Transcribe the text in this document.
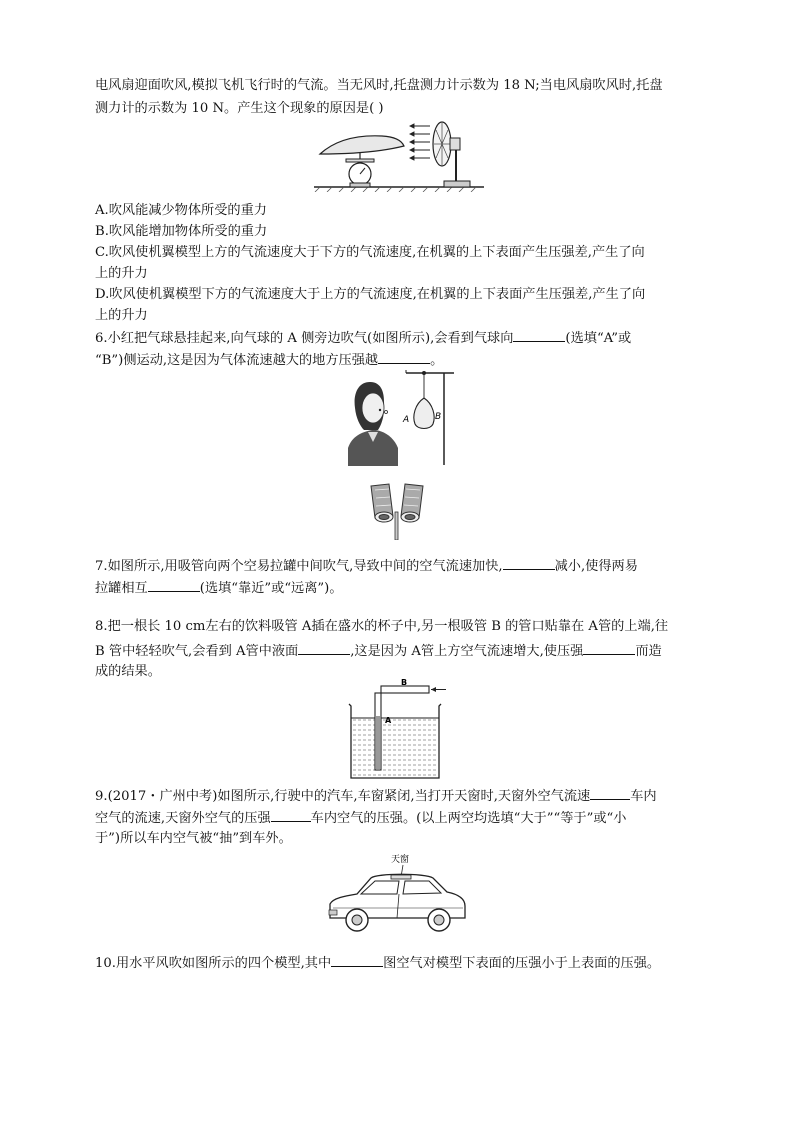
电风扇迎面吹风,模拟飞机飞行时的气流。当无风时,托盘测力计示数为 18 N;当电风扇吹风时,托盘
测力计的示数为 10 N。产生这个现象的原因是( )
A.吹风能减少物体所受的重力
B.吹风能增加物体所受的重力
C.吹风使机翼模型上方的气流速度大于下方的气流速度,在机翼的上下表面产生压强差,产生了向
上的升力
D.吹风使机翼模型下方的气流速度大于上方的气流速度,在机翼的上下表面产生压强差,产生了向
上的升力
6.小红把气球悬挂起来,向气球的 A 侧旁边吹气(如图所示),会看到气球向	(选填“A”或
“B”)侧运动,这是因为气体流速越大的地方压强越	。
A	B
7.如图所示,用吸管向两个空易拉罐中间吹气,导致中间的空气流速加快,	减小,使得两易
拉罐相互	(选填“靠近”或“远离”)。
8.把一根长 10 cm左右的饮料吸管 A插在盛水的杯子中,另一根吸管 B 的管口贴靠在 A管的上端,往
B 管中轻轻吹气,会看到 A管中液面	,这是因为 A管上方空气流速增大,使压强	而造
成的结果。
B
A
9.(2017・广州中考)如图所示,行驶中的汽车,车窗紧闭,当打开天窗时,天窗外空气流速	车内
空气的流速,天窗外空气的压强	车内空气的压强。(以上两空均选填“大于”“等于”或“小
于”)所以车内空气被“抽”到车外。
天窗
10.用水平风吹如图所示的四个模型,其中	图空气对模型下表面的压强小于上表面的压强。
